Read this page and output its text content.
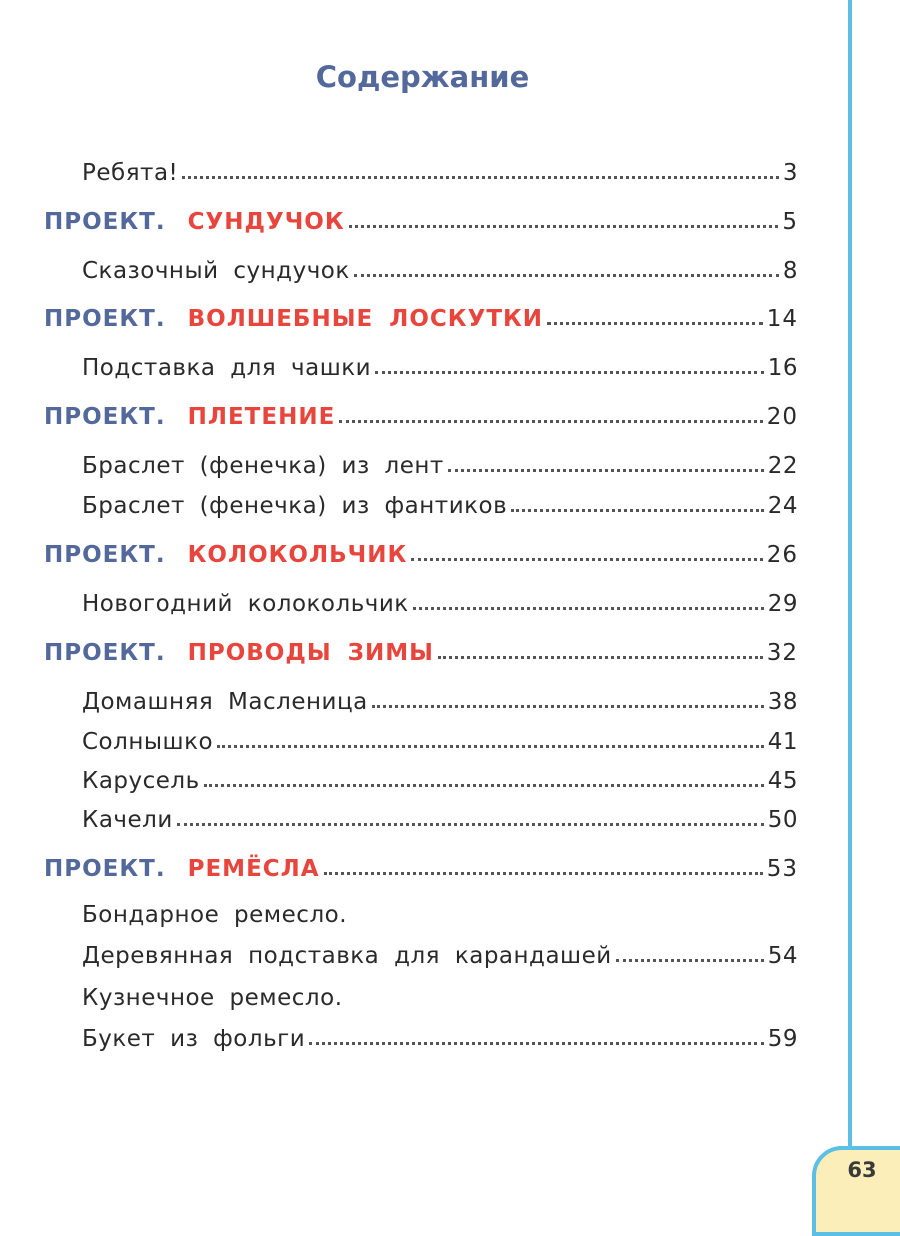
63
Содержание
Ребята!	3
ПРОЕКТ. СУНДУЧОК	5
Сказочный сундучок	8
ПРОЕКТ. ВОЛШЕБНЫЕ ЛОСКУТКИ	14
Подставка для чашки	16
ПРОЕКТ. ПЛЕТЕНИЕ	20
Браслет (фенечка) из лент	22
Браслет (фенечка) из фантиков	24
ПРОЕКТ. КОЛОКОЛЬЧИК	26
Новогодний колокольчик	29
ПРОЕКТ. ПРОВОДЫ ЗИМЫ	32
Домашняя Масленица	38
Солнышко	41
Карусель	45
Качели	50
ПРОЕКТ. РЕМЁСЛА	53
Бондарное ремесло.
Деревянная подставка для карандашей	54
Кузнечное ремесло.
Букет из фольги	59
